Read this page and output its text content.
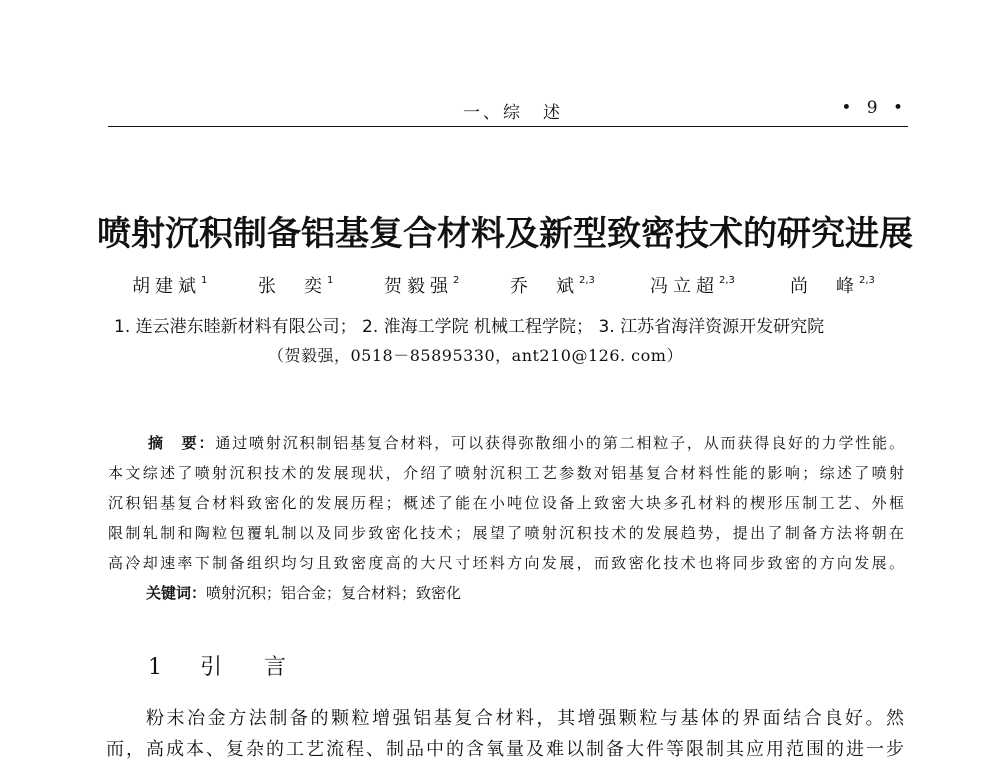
一、综　述	• 9 •
喷射沉积制备铝基复合材料及新型致密技术的研究进展
胡建斌$^1$	张　奕$^1$	贺毅强$^2$	乔　斌$^{2,3}$	冯立超$^{2,3}$	尚　峰$^{2,3}$
1. 连云港东睦新材料有限公司； 2. 淮海工学院 机械工程学院； 3. 江苏省海洋资源开发研究院
（贺毅强，0518－85895330，ant210@126. com）
摘　要：通过喷射沉积制铝基复合材料，可以获得弥散细小的第二相粒子，从而获得良好的力学性能。
本文综述了喷射沉积技术的发展现状，介绍了喷射沉积工艺参数对铝基复合材料性能的影响；综述了喷射
沉积铝基复合材料致密化的发展历程；概述了能在小吨位设备上致密大块多孔材料的楔形压制工艺、外框
限制轧制和陶粒包覆轧制以及同步致密化技术；展望了喷射沉积技术的发展趋势，提出了制备方法将朝在
高冷却速率下制备组织均匀且致密度高的大尺寸坯料方向发展，而致密化技术也将同步致密的方向发展。
关键词：喷射沉积；铝合金；复合材料；致密化
1 引　言
粉末冶金方法制备的颗粒增强铝基复合材料，其增强颗粒与基体的界面结合良好。然
而，高成本、复杂的工艺流程、制品中的含氧量及难以制备大件等限制其应用范围的进一步
